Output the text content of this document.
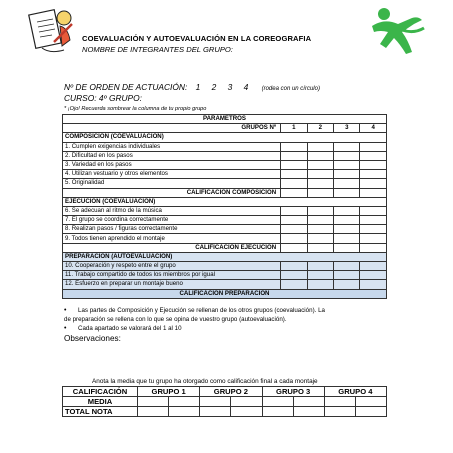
COEVALUACIÓN Y AUTOEVALUACIÓN EN LA COREOGRAFIA
NOMBRE DE INTEGRANTES DEL GRUPO:
Nº DE ORDEN DE ACTUACIÓN: 1 2 3 4 (rodea con un círculo)
CURSO: 4º GRUPO:
* ¡Ojo! Recuerda sombrear la columna de tu propio grupo
PARAMETROS				
GRUPOS Nº	1	2	3	4
COMPOSICIÓN (COEVALUACIÓN)				
1. Cumplen exigencias individuales				
2. Dificultad en los pasos				
3. Variedad en los pasos				
4. Utilizan vestuario y otros elementos				
5. Originalidad				
CALIFICACIÓN COMPOSICIÓN				
EJECUCIÓN (COEVALUACIÓN)				
6. Se adecuan al ritmo de la música				
7. El grupo se coordina correctamente				
8. Realizan pasos / figuras correctamente				
9. Todos tienen aprendido el montaje				
CALIFICACIÓN EJECUCIÓN				
PREPARACIÓN (AUTOEVALUACIÓN)				
10. Cooperación y respeto entre el grupo				
11. Trabajo compartido de todos los miembros por igual				
12. Esfuerzo en preparar un montaje bueno				
CALIFICACIÓN PREPARACIÓN				
• Las partes de Composición y Ejecución se rellenan de los otros grupos (coevaluación). La
de preparación se rellena con lo que se opina de vuestro grupo (autoevaluación).
• Cada apartado se valorará del 1 al 10
Observaciones:
Anota la media que tu grupo ha otorgado como calificación final a cada montaje
CALIFICACIÓN	GRUPO 1		GRUPO 2		GRUPO 3		GRUPO 4	
MEDIA								
TOTAL NOTA								
